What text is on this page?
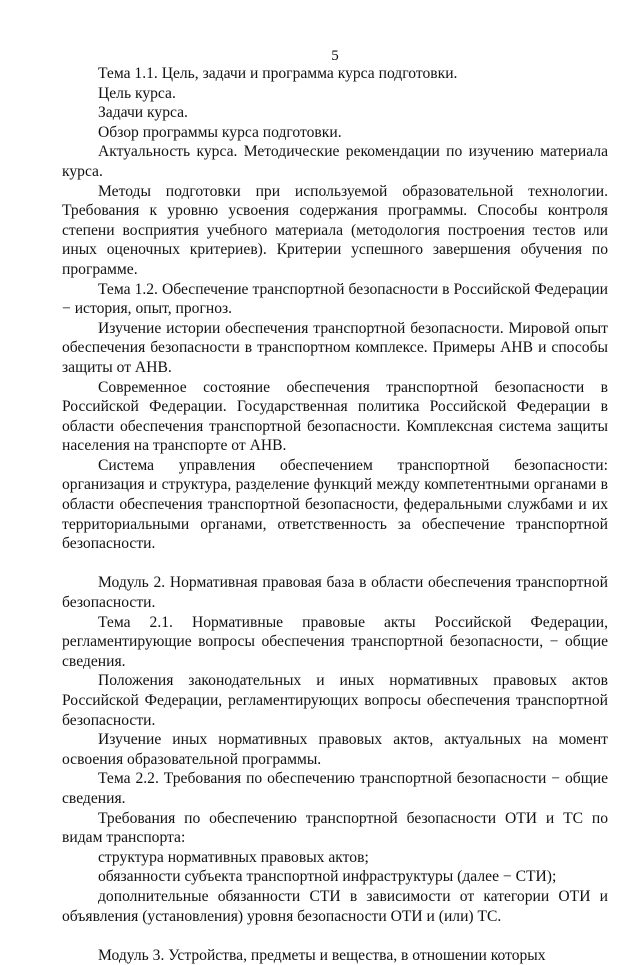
5

Тема 1.1. Цель, задачи и программа курса подготовки.

Цель курса.

Задачи курса.

Обзор программы курса подготовки.

Актуальность курса. Методические рекомендации по изучению материала курса.

Методы подготовки при используемой образовательной технологии. Требования к уровню усвоения содержания программы. Способы контроля степени восприятия учебного материала (методология построения тестов или иных оценочных критериев). Критерии успешного завершения обучения по программе.

Тема 1.2. Обеспечение транспортной безопасности в Российской Федерации − история, опыт, прогноз.

Изучение истории обеспечения транспортной безопасности. Мировой опыт обеспечения безопасности в транспортном комплексе. Примеры АНВ и способы защиты от АНВ.

Современное состояние обеспечения транспортной безопасности в Российской Федерации. Государственная политика Российской Федерации в области обеспечения транспортной безопасности. Комплексная система защиты населения на транспорте от АНВ.

Система управления обеспечением транспортной безопасности: организация и структура, разделение функций между компетентными органами в области обеспечения транспортной безопасности, федеральными службами и их территориальными органами, ответственность за обеспечение транспортной безопасности.

Модуль 2. Нормативная правовая база в области обеспечения транспортной безопасности.

Тема 2.1. Нормативные правовые акты Российской Федерации, регламентирующие вопросы обеспечения транспортной безопасности, − общие сведения.

Положения законодательных и иных нормативных правовых актов Российской Федерации, регламентирующих вопросы обеспечения транспортной безопасности.

Изучение иных нормативных правовых актов, актуальных на момент освоения образовательной программы.

Тема 2.2. Требования по обеспечению транспортной безопасности − общие сведения.

Требования по обеспечению транспортной безопасности ОТИ и ТС по видам транспорта:

структура нормативных правовых актов;

обязанности субъекта транспортной инфраструктуры (далее − СТИ);

дополнительные обязанности СТИ в зависимости от категории ОТИ и объявления (установления) уровня безопасности ОТИ и (или) ТС.

Модуль 3. Устройства, предметы и вещества, в отношении которых
